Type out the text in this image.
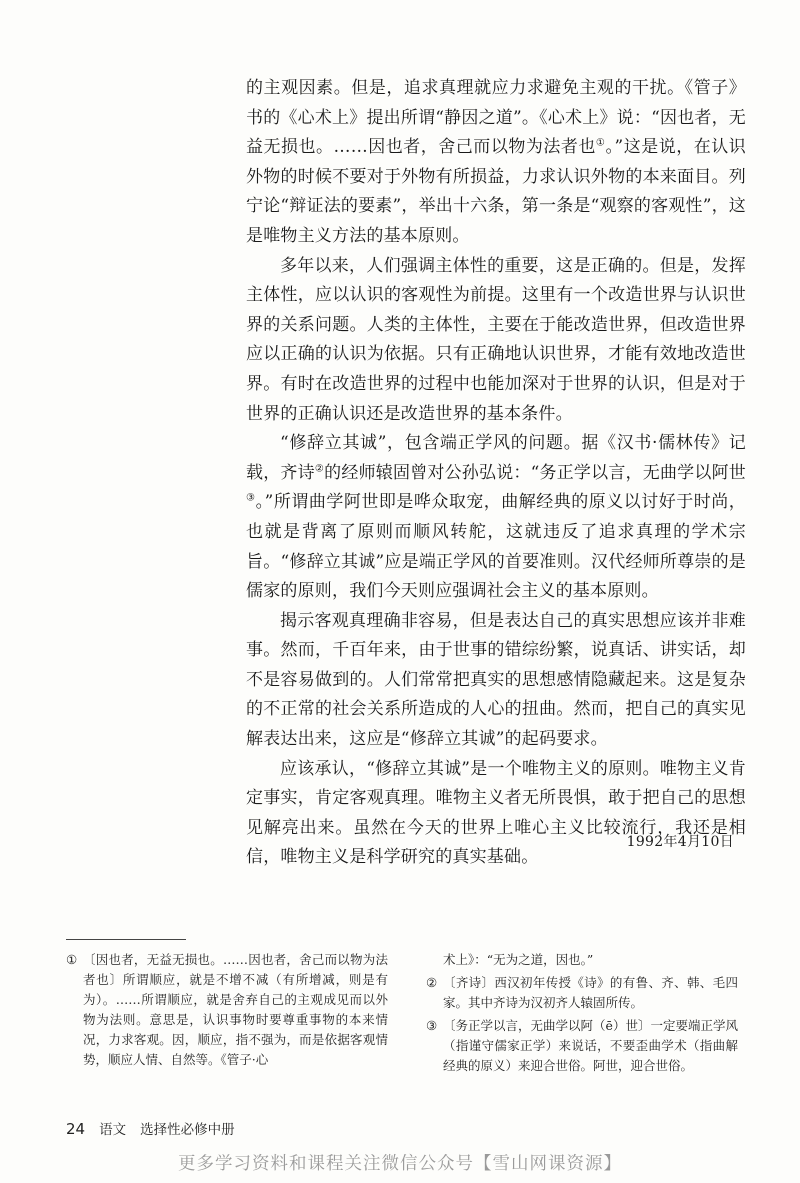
的主观因素。但是，追求真理就应力求避免主观的干扰。《管子》书的《心术上》提出所谓“静因之道”。《心术上》说：“因也者，无益无损也。……因也者，舍己而以物为法者也①。”这是说，在认识外物的时候不要对于外物有所损益，力求认识外物的本来面目。列宁论“辩证法的要素”，举出十六条，第一条是“观察的客观性”，这是唯物主义方法的基本原则。

多年以来，人们强调主体性的重要，这是正确的。但是，发挥主体性，应以认识的客观性为前提。这里有一个改造世界与认识世界的关系问题。人类的主体性，主要在于能改造世界，但改造世界应以正确的认识为依据。只有正确地认识世界，才能有效地改造世界。有时在改造世界的过程中也能加深对于世界的认识，但是对于世界的正确认识还是改造世界的基本条件。

“修辞立其诚”，包含端正学风的问题。据《汉书·儒林传》记载，齐诗②的经师辕固曾对公孙弘说：“务正学以言，无曲学以阿世③。”所谓曲学阿世即是哗众取宠，曲解经典的原义以讨好于时尚，也就是背离了原则而顺风转舵，这就违反了追求真理的学术宗旨。“修辞立其诚”应是端正学风的首要准则。汉代经师所尊崇的是儒家的原则，我们今天则应强调社会主义的基本原则。

揭示客观真理确非容易，但是表达自己的真实思想应该并非难事。然而，千百年来，由于世事的错综纷繁，说真话、讲实话，却不是容易做到的。人们常常把真实的思想感情隐藏起来。这是复杂的不正常的社会关系所造成的人心的扭曲。然而，把自己的真实见解表达出来，这应是“修辞立其诚”的起码要求。

应该承认，“修辞立其诚”是一个唯物主义的原则。唯物主义肯定事实，肯定客观真理。唯物主义者无所畏惧，敢于把自己的思想见解亮出来。虽然在今天的世界上唯心主义比较流行，我还是相信，唯物主义是科学研究的真实基础。

1992年4月10日

① 〔因也者，无益无损也。……因也者，舍己而以物为法者也〕所谓顺应，就是不增不减（有所增减，则是有为）。……所谓顺应，就是舍弃自己的主观成见而以外物为法则。意思是，认识事物时要尊重事物的本来情况，力求客观。因，顺应，指不强为，而是依据客观情势，顺应人情、自然等。《管子·心

术上》：“无为之道，因也。”

② 〔齐诗〕西汉初年传授《诗》的有鲁、齐、韩、毛四家。其中齐诗为汉初齐人辕固所传。

③ 〔务正学以言，无曲学以阿（ē）世〕一定要端正学风（指谨守儒家正学）来说话，不要歪曲学术（指曲解经典的原义）来迎合世俗。阿世，迎合世俗。

24 语文 选择性必修中册
更多学习资料和课程关注微信公众号【雪山网课资源】
